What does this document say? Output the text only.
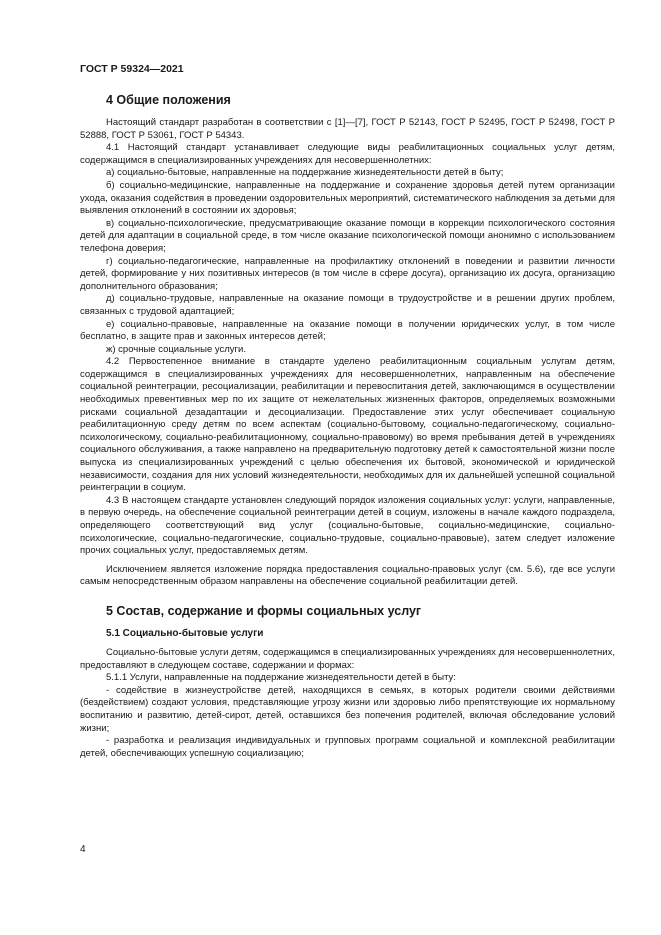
ГОСТ Р 59324—2021
4 Общие положения

Настоящий стандарт разработан в соответствии с [1]—[7], ГОСТ Р 52143, ГОСТ Р 52495, ГОСТ Р 52498, ГОСТ Р 52888, ГОСТ Р 53061, ГОСТ Р 54343.

4.1 Настоящий стандарт устанавливает следующие виды реабилитационных социальных услуг детям, содержащимся в специализированных учреждениях для несовершеннолетних:

а) социально-бытовые, направленные на поддержание жизнедеятельности детей в быту;

б) социально-медицинские, направленные на поддержание и сохранение здоровья детей путем организации ухода, оказания содействия в проведении оздоровительных мероприятий, систематического наблюдения за детьми для выявления отклонений в состоянии их здоровья;

в) социально-психологические, предусматривающие оказание помощи в коррекции психологического состояния детей для адаптации в социальной среде, в том числе оказание психологической помощи анонимно с использованием телефона доверия;

г) социально-педагогические, направленные на профилактику отклонений в поведении и развитии личности детей, формирование у них позитивных интересов (в том числе в сфере досуга), организацию их досуга, организацию дополнительного образования;

д) социально-трудовые, направленные на оказание помощи в трудоустройстве и в решении других проблем, связанных с трудовой адаптацией;

е) социально-правовые, направленные на оказание помощи в получении юридических услуг, в том числе бесплатно, в защите прав и законных интересов детей;

ж) срочные социальные услуги.

4.2 Первостепенное внимание в стандарте уделено реабилитационным социальным услугам детям, содержащимся в специализированных учреждениях для несовершеннолетних, направленным на обеспечение социальной реинтеграции, ресоциализации, реабилитации и перевоспитания детей, заключающимся в осуществлении необходимых превентивных мер по их защите от нежелательных жизненных факторов, определяемых возможными рисками социальной дезадаптации и десоциализации. Предоставление этих услуг обеспечивает социальную реабилитационную среду детям по всем аспектам (социально-бытовому, социально-педагогическому, социально-психологическому, социально-реабилитационному, социально-правовому) во время пребывания детей в учреждениях социального обслуживания, а также направлено на предварительную подготовку детей к самостоятельной жизни после выпуска из специализированных учреждений с целью обеспечения их бытовой, экономической и юридической независимости, создания для них условий жизнедеятельности, необходимых для их дальнейшей успешной социальной реинтеграции в социум.

4.3 В настоящем стандарте установлен следующий порядок изложения социальных услуг: услуги, направленные, в первую очередь, на обеспечение социальной реинтеграции детей в социум, изложены в начале каждого подраздела, определяющего соответствующий вид услуг (социально-бытовые, социально-медицинские, социально-психологические, социально-педагогические, социально-трудовые, социально-правовые), затем следует изложение прочих социальных услуг, предоставляемых детям.

Исключением является изложение порядка предоставления социально-правовых услуг (см. 5.6), где все услуги самым непосредственным образом направлены на обеспечение социальной реабилитации детей.

5 Состав, содержание и формы социальных услуг
5.1 Социально-бытовые услуги

Социально-бытовые услуги детям, содержащимся в специализированных учреждениях для несовершеннолетних, предоставляют в следующем составе, содержании и формах:

5.1.1 Услуги, направленные на поддержание жизнедеятельности детей в быту:

- содействие в жизнеустройстве детей, находящихся в семьях, в которых родители своими действиями (бездействием) создают условия, представляющие угрозу жизни или здоровью либо препятствующие их нормальному воспитанию и развитию, детей-сирот, детей, оставшихся без попечения родителей, включая обследование условий жизни;

- разработка и реализация индивидуальных и групповых программ социальной и комплексной реабилитации детей, обеспечивающих успешную социализацию;

4
